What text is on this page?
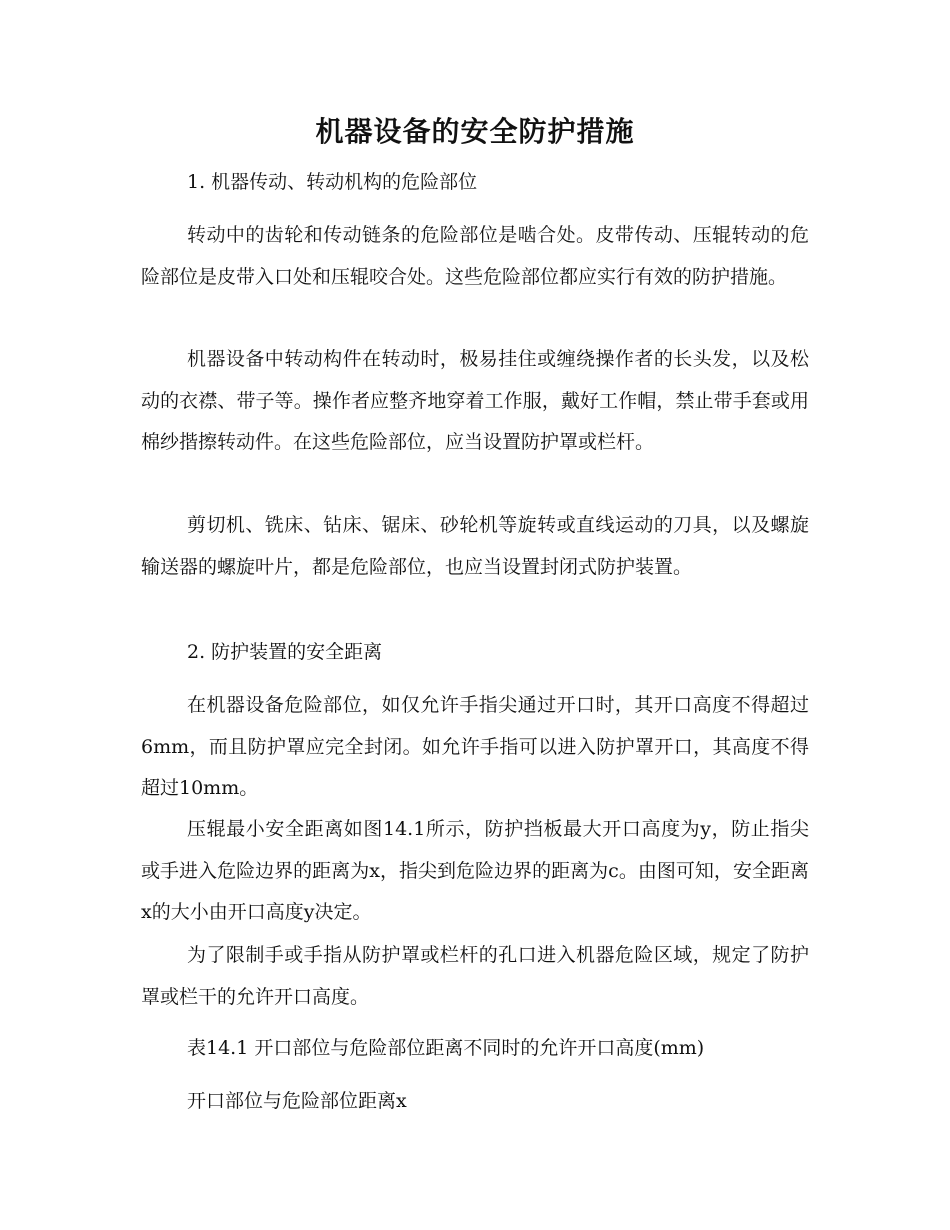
机器设备的安全防护措施

1. 机器传动、转动机构的危险部位

转动中的齿轮和传动链条的危险部位是啮合处。皮带传动、压辊转动的危险部位是皮带入口处和压辊咬合处。这些危险部位都应实行有效的防护措施。

机器设备中转动构件在转动时，极易挂住或缠绕操作者的长头发，以及松动的衣襟、带子等。操作者应整齐地穿着工作服，戴好工作帽，禁止带手套或用棉纱揩擦转动件。在这些危险部位，应当设置防护罩或栏杆。

剪切机、铣床、钻床、锯床、砂轮机等旋转或直线运动的刀具，以及螺旋输送器的螺旋叶片，都是危险部位，也应当设置封闭式防护装置。

2. 防护装置的安全距离

在机器设备危险部位，如仅允许手指尖通过开口时，其开口高度不得超过6mm，而且防护罩应完全封闭。如允许手指可以进入防护罩开口，其高度不得超过10mm。

压辊最小安全距离如图14.1所示，防护挡板最大开口高度为y，防止指尖或手进入危险边界的距离为x，指尖到危险边界的距离为c。由图可知，安全距离x的大小由开口高度y决定。

为了限制手或手指从防护罩或栏杆的孔口进入机器危险区域，规定了防护罩或栏干的允许开口高度。

表14.1 开口部位与危险部位距离不同时的允许开口高度(mm)

开口部位与危险部位距离x
